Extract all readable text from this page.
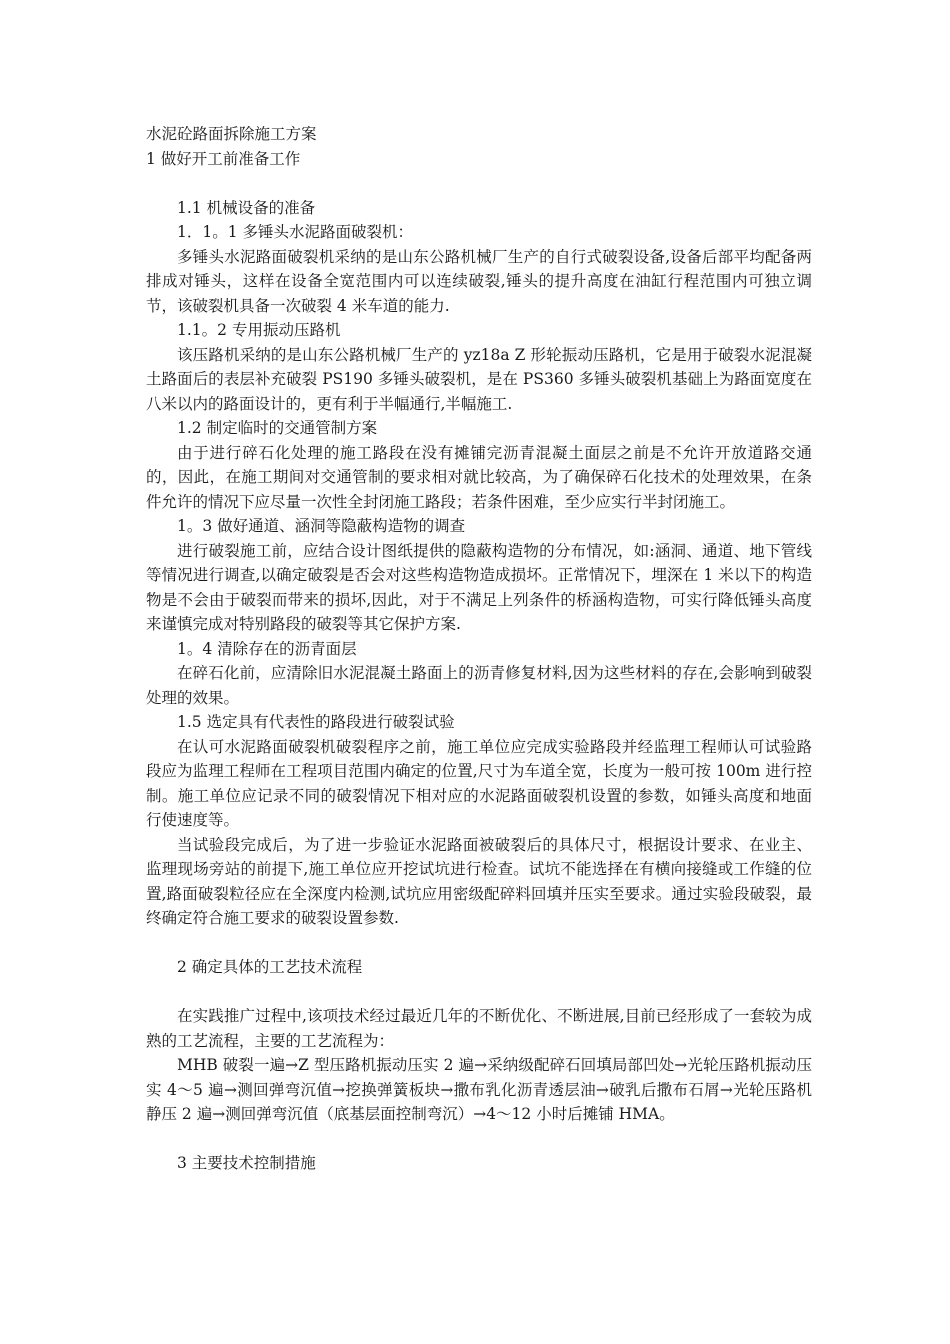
水泥砼路面拆除施工方案

1 做好开工前准备工作

1.1 机械设备的准备

1．1。1 多锤头水泥路面破裂机：

多锤头水泥路面破裂机采纳的是山东公路机械厂生产的自行式破裂设备,设备后部平均配备两排成对锤头，这样在设备全宽范围内可以连续破裂,锤头的提升高度在油缸行程范围内可独立调节，该破裂机具备一次破裂 4 米车道的能力.

1.1。2 专用振动压路机

该压路机采纳的是山东公路机械厂生产的 yz18a Z 形轮振动压路机，它是用于破裂水泥混凝土路面后的表层补充破裂 PS190 多锤头破裂机，是在 PS360 多锤头破裂机基础上为路面宽度在八米以内的路面设计的，更有利于半幅通行,半幅施工.

1.2 制定临时的交通管制方案

由于进行碎石化处理的施工路段在没有摊铺完沥青混凝土面层之前是不允许开放道路交通的，因此，在施工期间对交通管制的要求相对就比较高，为了确保碎石化技术的处理效果，在条件允许的情况下应尽量一次性全封闭施工路段；若条件困难，至少应实行半封闭施工。

1。3 做好通道、涵洞等隐蔽构造物的调查

进行破裂施工前，应结合设计图纸提供的隐蔽构造物的分布情况，如:涵洞、通道、地下管线等情况进行调查,以确定破裂是否会对这些构造物造成损坏。正常情况下，埋深在 1 米以下的构造物是不会由于破裂而带来的损坏,因此，对于不满足上列条件的桥涵构造物，可实行降低锤头高度来谨慎完成对特别路段的破裂等其它保护方案.

1。4 清除存在的沥青面层

在碎石化前，应清除旧水泥混凝土路面上的沥青修复材料,因为这些材料的存在,会影响到破裂处理的效果。

1.5 选定具有代表性的路段进行破裂试验

在认可水泥路面破裂机破裂程序之前，施工单位应完成实验路段并经监理工程师认可试验路段应为监理工程师在工程项目范围内确定的位置,尺寸为车道全宽，长度为一般可按 100m 进行控制。施工单位应记录不同的破裂情况下相对应的水泥路面破裂机设置的参数，如锤头高度和地面行使速度等。

当试验段完成后，为了进一步验证水泥路面被破裂后的具体尺寸，根据设计要求、在业主、监理现场旁站的前提下,施工单位应开挖试坑进行检查。试坑不能选择在有横向接缝或工作缝的位置,路面破裂粒径应在全深度内检测,试坑应用密级配碎料回填并压实至要求。通过实验段破裂，最终确定符合施工要求的破裂设置参数.

2 确定具体的工艺技术流程

在实践推广过程中,该项技术经过最近几年的不断优化、不断进展,目前已经形成了一套较为成熟的工艺流程，主要的工艺流程为：

MHB 破裂一遍→Z 型压路机振动压实 2 遍→采纳级配碎石回填局部凹处→光轮压路机振动压实 4～5 遍→测回弹弯沉值→挖换弹簧板块→撒布乳化沥青透层油→破乳后撒布石屑→光轮压路机静压 2 遍→测回弹弯沉值（底基层面控制弯沉）→4～12 小时后摊铺 HMA。

3 主要技术控制措施
